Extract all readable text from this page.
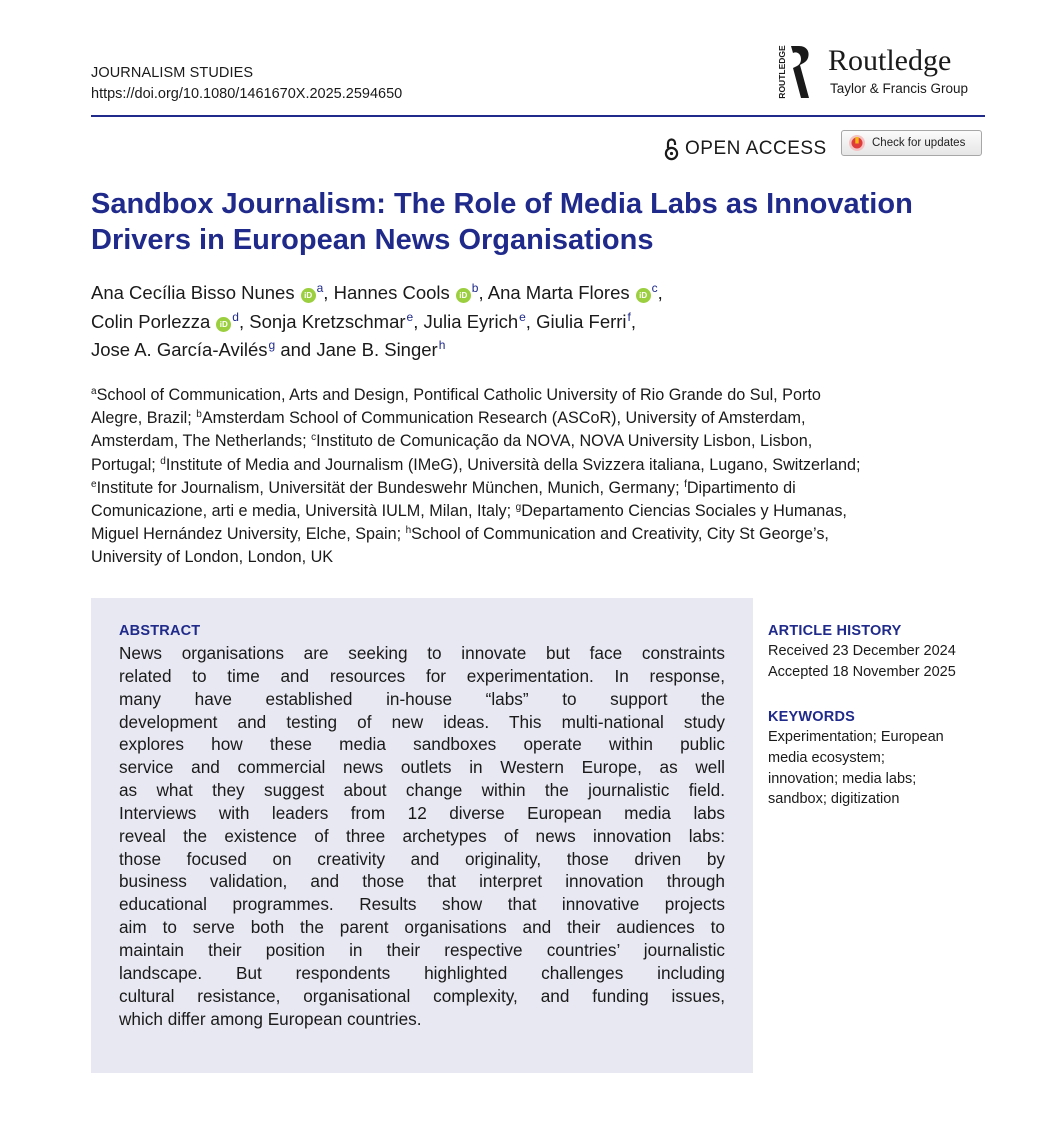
JOURNALISM STUDIES
https://doi.org/10.1080/1461670X.2025.2594650	ROUTLEDGE Routledge
Taylor & Francis Group
OPEN ACCESS	Check for updates
Sandbox Journalism: The Role of Media Labs as Innovation Drivers in European News Organisations
Ana Cecília Bisso Nunes iD$^a$, Hannes Cools iD$^b$, Ana Marta Flores iD$^c$,
Colin Porlezza iD$^d$, Sonja Kretzschmar$^e$, Julia Eyrich$^e$, Giulia Ferri$^f$,
Jose A. García-Avilés$^g$ and Jane B. Singer$^h$
$^a$School of Communication, Arts and Design, Pontifical Catholic University of Rio Grande do Sul, Porto
Alegre, Brazil; $^b$Amsterdam School of Communication Research (ASCoR), University of Amsterdam,
Amsterdam, The Netherlands; $^c$Instituto de Comunicação da NOVA, NOVA University Lisbon, Lisbon,
Portugal; $^d$Institute of Media and Journalism (IMeG), Università della Svizzera italiana, Lugano, Switzerland;
$^e$Institute for Journalism, Universität der Bundeswehr München, Munich, Germany; $^f$Dipartimento di
Comunicazione, arti e media, Università IULM, Milan, Italy; $^g$Departamento Ciencias Sociales y Humanas,
Miguel Hernández University, Elche, Spain; $^h$School of Communication and Creativity, City St George’s,
University of London, London, UK
ABSTRACT
News organisations are seeking to innovate but face constraints
related to time and resources for experimentation. In response,
many have established in-house “labs” to support the
development and testing of new ideas. This multi-national study
explores how these media sandboxes operate within public
service and commercial news outlets in Western Europe, as well
as what they suggest about change within the journalistic field.
Interviews with leaders from 12 diverse European media labs
reveal the existence of three archetypes of news innovation labs:
those focused on creativity and originality, those driven by
business validation, and those that interpret innovation through
educational programmes. Results show that innovative projects
aim to serve both the parent organisations and their audiences to
maintain their position in their respective countries’ journalistic
landscape. But respondents highlighted challenges including
cultural resistance, organisational complexity, and funding issues,
which differ among European countries.
ARTICLE HISTORY
Received 23 December 2024
Accepted 18 November 2025
KEYWORDS
Experimentation; European
media ecosystem;
innovation; media labs;
sandbox; digitization
